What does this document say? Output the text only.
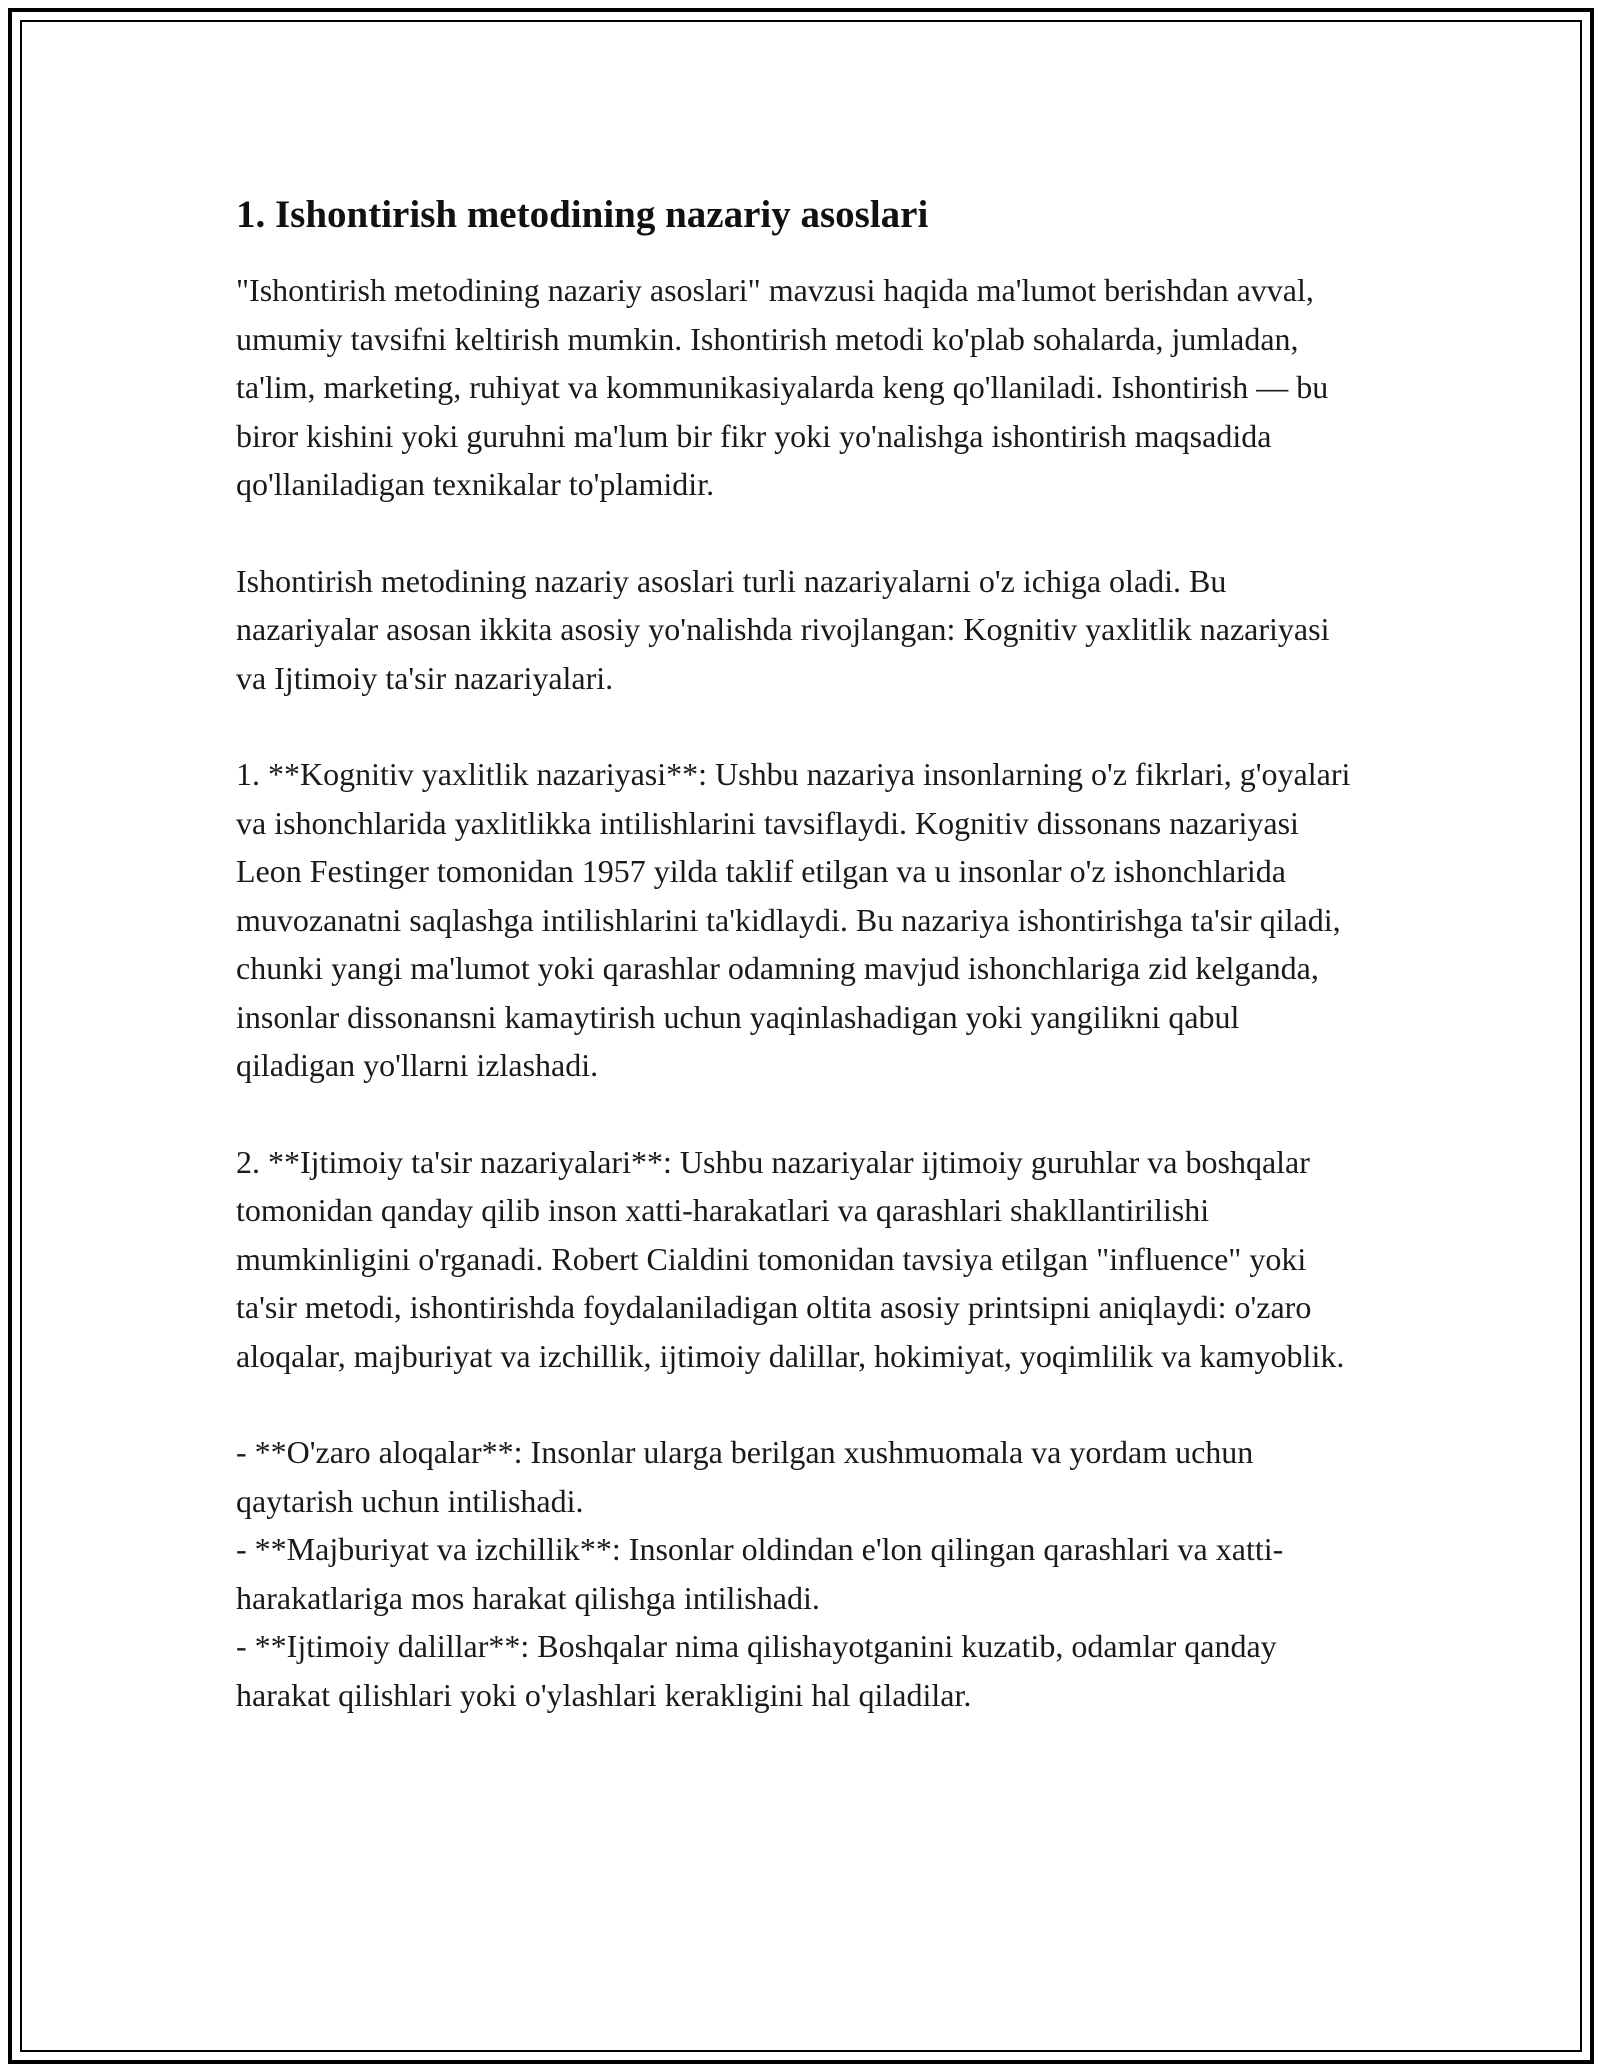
1. Ishontirish metodining nazariy asoslari

"Ishontirish metodining nazariy asoslari" mavzusi haqida ma'lumot berishdan avval, umumiy tavsifni keltirish mumkin. Ishontirish metodi ko'plab sohalarda, jumladan, ta'lim, marketing, ruhiyat va kommunikasiyalarda keng qo'llaniladi. Ishontirish — bu biror kishini yoki guruhni ma'lum bir fikr yoki yo'nalishga ishontirish maqsadida qo'llaniladigan texnikalar to'plamidir.

Ishontirish metodining nazariy asoslari turli nazariyalarni o'z ichiga oladi. Bu nazariyalar asosan ikkita asosiy yo'nalishda rivojlangan: Kognitiv yaxlitlik nazariyasi va Ijtimoiy ta'sir nazariyalari.

1. **Kognitiv yaxlitlik nazariyasi**: Ushbu nazariya insonlarning o'z fikrlari, g'oyalari va ishonchlarida yaxlitlikka intilishlarini tavsiflaydi. Kognitiv dissonans nazariyasi Leon Festinger tomonidan 1957 yilda taklif etilgan va u insonlar o'z ishonchlarida muvozanatni saqlashga intilishlarini ta'kidlaydi. Bu nazariya ishontirishga ta'sir qiladi, chunki yangi ma'lumot yoki qarashlar odamning mavjud ishonchlariga zid kelganda, insonlar dissonansni kamaytirish uchun yaqinlashadigan yoki yangilikni qabul qiladigan yo'llarni izlashadi.

2. **Ijtimoiy ta'sir nazariyalari**: Ushbu nazariyalar ijtimoiy guruhlar va boshqalar tomonidan qanday qilib inson xatti-harakatlari va qarashlari shakllantirilishi mumkinligini o'rganadi. Robert Cialdini tomonidan tavsiya etilgan "influence" yoki ta'sir metodi, ishontirishda foydalaniladigan oltita asosiy printsipni aniqlaydi: o'zaro aloqalar, majburiyat va izchillik, ijtimoiy dalillar, hokimiyat, yoqimlilik va kamyoblik.

- **O'zaro aloqalar**: Insonlar ularga berilgan xushmuomala va yordam uchun qaytarish uchun intilishadi.
- **Majburiyat va izchillik**: Insonlar oldindan e'lon qilingan qarashlari va xatti-harakatlariga mos harakat qilishga intilishadi.
- **Ijtimoiy dalillar**: Boshqalar nima qilishayotganini kuzatib, odamlar qanday harakat qilishlari yoki o'ylashlari kerakligini hal qiladilar.
